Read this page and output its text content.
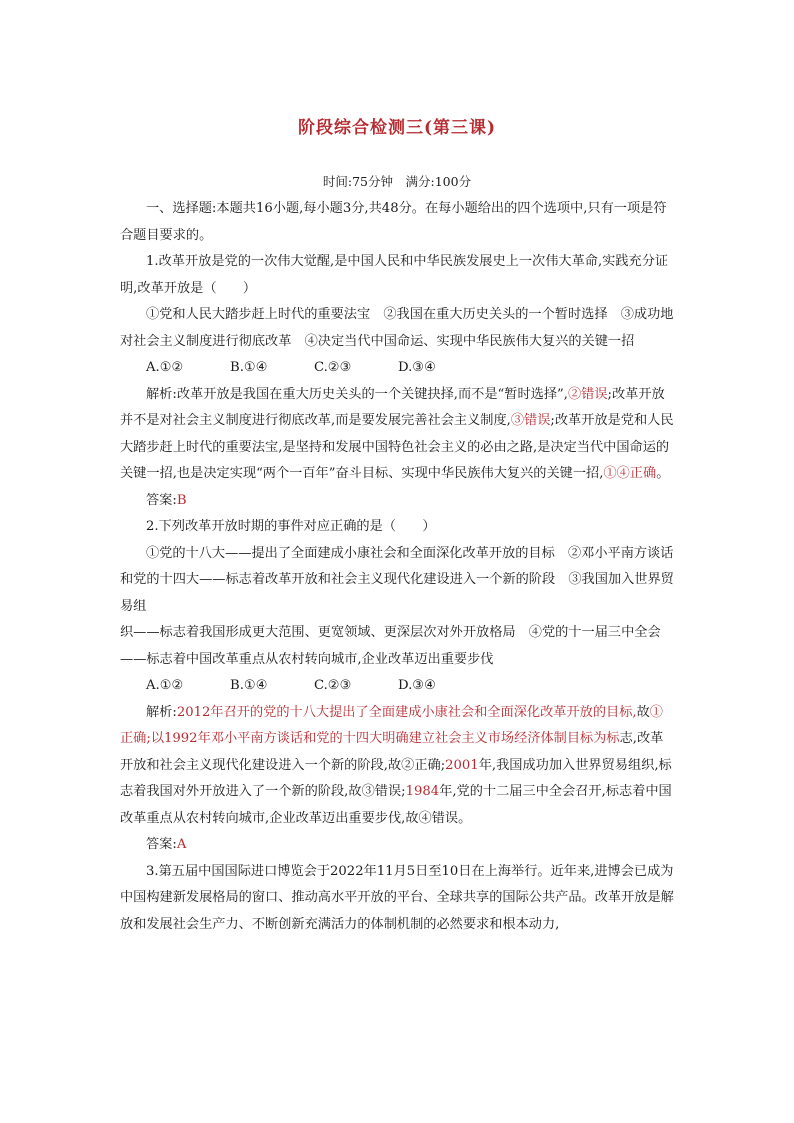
阶段综合检测三(第三课)
时间:75分钟　满分:100分

一、选择题:本题共16小题,每小题3分,共48分。在每小题给出的四个选项中,只有一项是符合题目要求的。

1.改革开放是党的一次伟大觉醒,是中国人民和中华民族发展史上一次伟大革命,实践充分证明,改革开放是（　　）

①党和人民大踏步赶上时代的重要法宝　②我国在重大历史关头的一个暂时选择　③成功地对社会主义制度进行彻底改革　④决定当代中国命运、实现中华民族伟大复兴的关键一招

A.①②	B.①④	C.②③	D.③④

解析:改革开放是我国在重大历史关头的一个关键抉择,而不是“暂时选择”,②错误;改革开放并不是对社会主义制度进行彻底改革,而是要发展完善社会主义制度,③错误;改革开放是党和人民大踏步赶上时代的重要法宝,是坚持和发展中国特色社会主义的必由之路,是决定当代中国命运的关键一招,也是决定实现“两个一百年”奋斗目标、实现中华民族伟大复兴的关键一招,①④正确。

答案:B

2.下列改革开放时期的事件对应正确的是（　　）

①党的十八大——提出了全面建成小康社会和全面深化改革开放的目标　②邓小平南方谈话和党的十四大——标志着改革开放和社会主义现代化建设进入一个新的阶段　③我国加入世界贸易组

织——标志着我国形成更大范围、更宽领域、更深层次对外开放格局　④党的十一届三中全会——标志着中国改革重点从农村转向城市,企业改革迈出重要步伐

A.①②	B.①④	C.②③	D.③④

解析:2012年召开的党的十八大提出了全面建成小康社会和全面深化改革开放的目标,故①正确;以1992年邓小平南方谈话和党的十四大明确建立社会主义市场经济体制目标为标志,改革开放和社会主义现代化建设进入一个新的阶段,故②正确;2001年,我国成功加入世界贸易组织,标志着我国对外开放进入了一个新的阶段,故③错误;1984年,党的十二届三中全会召开,标志着中国改革重点从农村转向城市,企业改革迈出重要步伐,故④错误。

答案:A

3.第五届中国国际进口博览会于2022年11月5日至10日在上海举行。近年来,进博会已成为中国构建新发展格局的窗口、推动高水平开放的平台、全球共享的国际公共产品。改革开放是解放和发展社会生产力、不断创新充满活力的体制机制的必然要求和根本动力,
